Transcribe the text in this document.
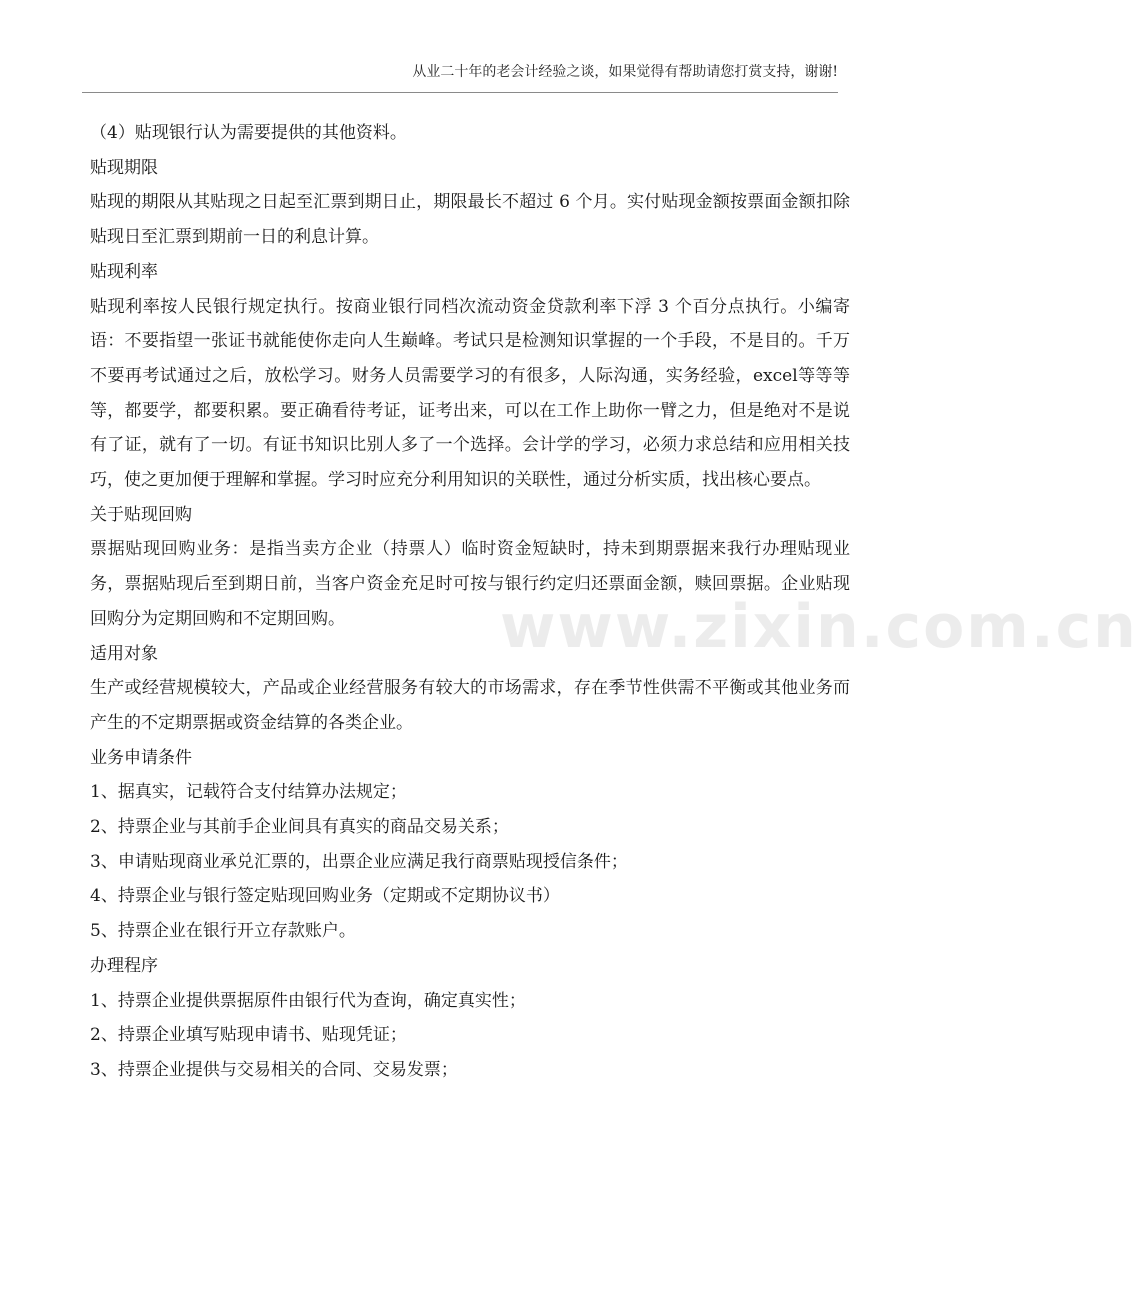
从业二十年的老会计经验之谈，如果觉得有帮助请您打赏支持，谢谢!
www.zixin.com.cn

（4）贴现银行认为需要提供的其他资料。

贴现期限

贴现的期限从其贴现之日起至汇票到期日止，期限最长不超过 6 个月。实付贴现金额按票面金额扣除贴现日至汇票到期前一日的利息计算。

贴现利率

贴现利率按人民银行规定执行。按商业银行同档次流动资金贷款利率下浮 3 个百分点执行。小编寄语：不要指望一张证书就能使你走向人生巅峰。考试只是检测知识掌握的一个手段，不是目的。千万不要再考试通过之后，放松学习。财务人员需要学习的有很多，人际沟通，实务经验，excel等等等等，都要学，都要积累。要正确看待考证，证考出来，可以在工作上助你一臂之力，但是绝对不是说有了证，就有了一切。有证书知识比别人多了一个选择。会计学的学习，必须力求总结和应用相关技巧，使之更加便于理解和掌握。学习时应充分利用知识的关联性，通过分析实质，找出核心要点。

关于贴现回购

票据贴现回购业务：是指当卖方企业（持票人）临时资金短缺时，持未到期票据来我行办理贴现业务，票据贴现后至到期日前，当客户资金充足时可按与银行约定归还票面金额，赎回票据。企业贴现回购分为定期回购和不定期回购。

适用对象

生产或经营规模较大，产品或企业经营服务有较大的市场需求，存在季节性供需不平衡或其他业务而产生的不定期票据或资金结算的各类企业。

业务申请条件

1、据真实，记载符合支付结算办法规定；

2、持票企业与其前手企业间具有真实的商品交易关系；

3、申请贴现商业承兑汇票的，出票企业应满足我行商票贴现授信条件；

4、持票企业与银行签定贴现回购业务（定期或不定期协议书）

5、持票企业在银行开立存款账户。

办理程序

1、持票企业提供票据原件由银行代为查询，确定真实性；

2、持票企业填写贴现申请书、贴现凭证；

3、持票企业提供与交易相关的合同、交易发票；
